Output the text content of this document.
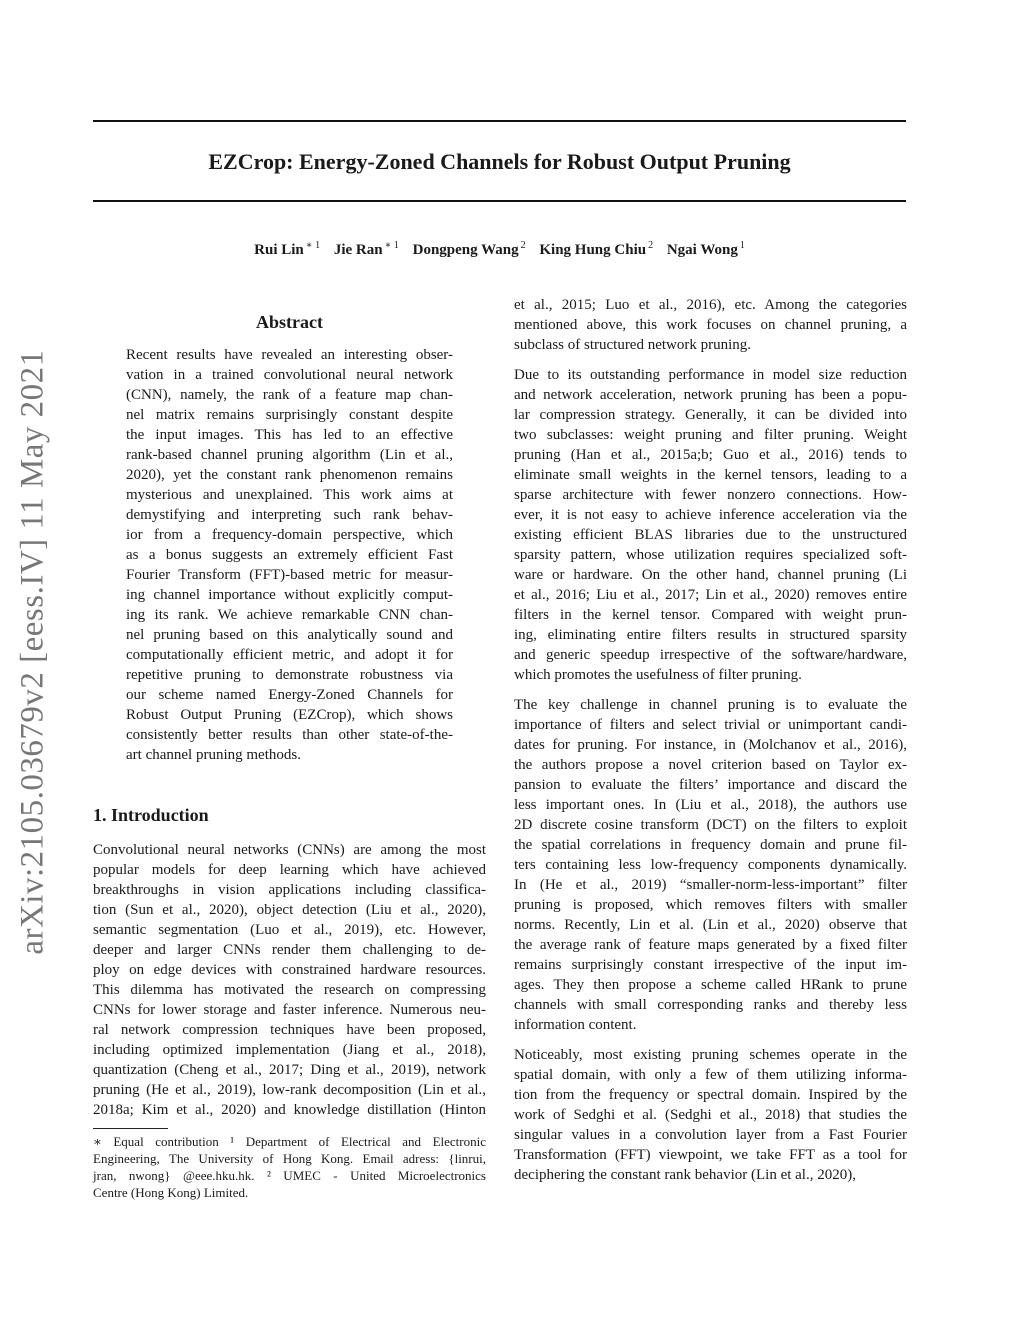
EZCrop: Energy-Zoned Channels for Robust Output Pruning
Rui Lin $^{∗ 1}$ Jie Ran $^{∗ 1}$ Dongpeng Wang $^2$ King Hung Chiu $^2$ Ngai Wong $^1$
arXiv:2105.03679v2 [eess.IV] 11 May 2021
Abstract
Recent results have revealed an interesting obser-
vation in a trained convolutional neural network
(CNN), namely, the rank of a feature map chan-
nel matrix remains surprisingly constant despite
the input images. This has led to an effective
rank-based channel pruning algorithm (Lin et al.,
2020), yet the constant rank phenomenon remains
mysterious and unexplained. This work aims at
demystifying and interpreting such rank behav-
ior from a frequency-domain perspective, which
as a bonus suggests an extremely efficient Fast
Fourier Transform (FFT)-based metric for measur-
ing channel importance without explicitly comput-
ing its rank. We achieve remarkable CNN chan-
nel pruning based on this analytically sound and
computationally efficient metric, and adopt it for
repetitive pruning to demonstrate robustness via
our scheme named Energy-Zoned Channels for
Robust Output Pruning (EZCrop), which shows
consistently better results than other state-of-the-
art channel pruning methods.
1. Introduction
Convolutional neural networks (CNNs) are among the most
popular models for deep learning which have achieved
breakthroughs in vision applications including classifica-
tion (Sun et al., 2020), object detection (Liu et al., 2020),
semantic segmentation (Luo et al., 2019), etc. However,
deeper and larger CNNs render them challenging to de-
ploy on edge devices with constrained hardware resources.
This dilemma has motivated the research on compressing
CNNs for lower storage and faster inference. Numerous neu-
ral network compression techniques have been proposed,
including optimized implementation (Jiang et al., 2018),
quantization (Cheng et al., 2017; Ding et al., 2019), network
pruning (He et al., 2019), low-rank decomposition (Lin et al.,
2018a; Kim et al., 2020) and knowledge distillation (Hinton
∗ Equal contribution ¹ Department of Electrical and Electronic
Engineering, The University of Hong Kong. Email adress: {linrui,
jran, nwong} @eee.hku.hk. ² UMEC - United Microelectronics
Centre (Hong Kong) Limited.
et al., 2015; Luo et al., 2016), etc. Among the categories
mentioned above, this work focuses on channel pruning, a
subclass of structured network pruning.
Due to its outstanding performance in model size reduction
and network acceleration, network pruning has been a popu-
lar compression strategy. Generally, it can be divided into
two subclasses: weight pruning and filter pruning. Weight
pruning (Han et al., 2015a;b; Guo et al., 2016) tends to
eliminate small weights in the kernel tensors, leading to a
sparse architecture with fewer nonzero connections. How-
ever, it is not easy to achieve inference acceleration via the
existing efficient BLAS libraries due to the unstructured
sparsity pattern, whose utilization requires specialized soft-
ware or hardware. On the other hand, channel pruning (Li
et al., 2016; Liu et al., 2017; Lin et al., 2020) removes entire
filters in the kernel tensor. Compared with weight prun-
ing, eliminating entire filters results in structured sparsity
and generic speedup irrespective of the software/hardware,
which promotes the usefulness of filter pruning.
The key challenge in channel pruning is to evaluate the
importance of filters and select trivial or unimportant candi-
dates for pruning. For instance, in (Molchanov et al., 2016),
the authors propose a novel criterion based on Taylor ex-
pansion to evaluate the filters’ importance and discard the
less important ones. In (Liu et al., 2018), the authors use
2D discrete cosine transform (DCT) on the filters to exploit
the spatial correlations in frequency domain and prune fil-
ters containing less low-frequency components dynamically.
In (He et al., 2019) “smaller-norm-less-important” filter
pruning is proposed, which removes filters with smaller
norms. Recently, Lin et al. (Lin et al., 2020) observe that
the average rank of feature maps generated by a fixed filter
remains surprisingly constant irrespective of the input im-
ages. They then propose a scheme called HRank to prune
channels with small corresponding ranks and thereby less
information content.
Noticeably, most existing pruning schemes operate in the
spatial domain, with only a few of them utilizing informa-
tion from the frequency or spectral domain. Inspired by the
work of Sedghi et al. (Sedghi et al., 2018) that studies the
singular values in a convolution layer from a Fast Fourier
Transformation (FFT) viewpoint, we take FFT as a tool for
deciphering the constant rank behavior (Lin et al., 2020),
